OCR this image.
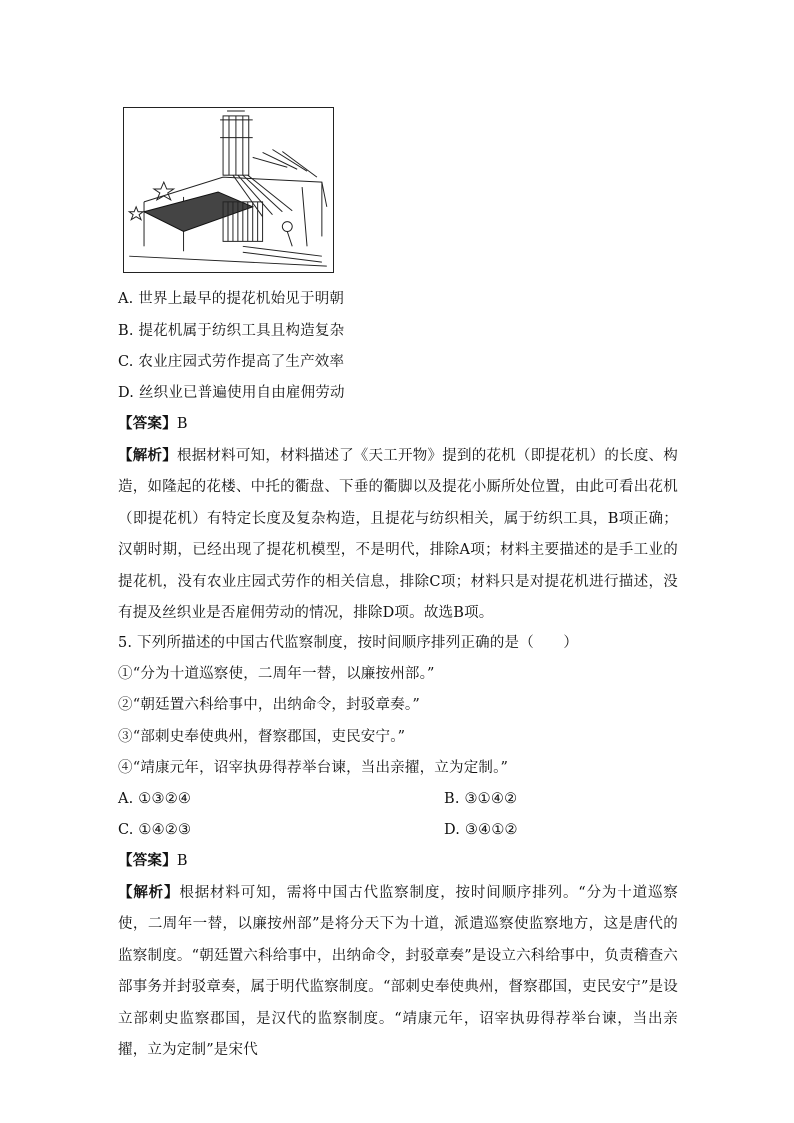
A. 世界上最早的提花机始见于明朝
B. 提花机属于纺织工具且构造复杂
C. 农业庄园式劳作提高了生产效率
D. 丝织业已普遍使用自由雇佣劳动
【答案】B
【解析】根据材料可知，材料描述了《天工开物》提到的花机（即提花机）的长度、构造，如隆起的花楼、中托的衢盘、下垂的衢脚以及提花小厮所处位置，由此可看出花机（即提花机）有特定长度及复杂构造，且提花与纺织相关，属于纺织工具，B项正确；汉朝时期，已经出现了提花机模型，不是明代，排除A项；材料主要描述的是手工业的提花机，没有农业庄园式劳作的相关信息，排除C项；材料只是对提花机进行描述，没有提及丝织业是否雇佣劳动的情况，排除D项。故选B项。
5. 下列所描述的中国古代监察制度，按时间顺序排列正确的是（　　）
①“分为十道巡察使，二周年一替，以廉按州部。”
②“朝廷置六科给事中，出纳命令，封驳章奏。”
③“部刺史奉使典州，督察郡国，吏民安宁。”
④“靖康元年，诏宰执毋得荐举台谏，当出亲擢，立为定制。”
A. ①③②④	B. ③①④②
C. ①④②③	D. ③④①②
【答案】B
【解析】根据材料可知，需将中国古代监察制度，按时间顺序排列。“分为十道巡察使，二周年一替，以廉按州部”是将分天下为十道，派遣巡察使监察地方，这是唐代的监察制度。“朝廷置六科给事中，出纳命令，封驳章奏”是设立六科给事中，负责稽查六部事务并封驳章奏，属于明代监察制度。“部刺史奉使典州，督察郡国，吏民安宁”是设立部刺史监察郡国，是汉代的监察制度。“靖康元年，诏宰执毋得荐举台谏，当出亲擢，立为定制”是宋代
